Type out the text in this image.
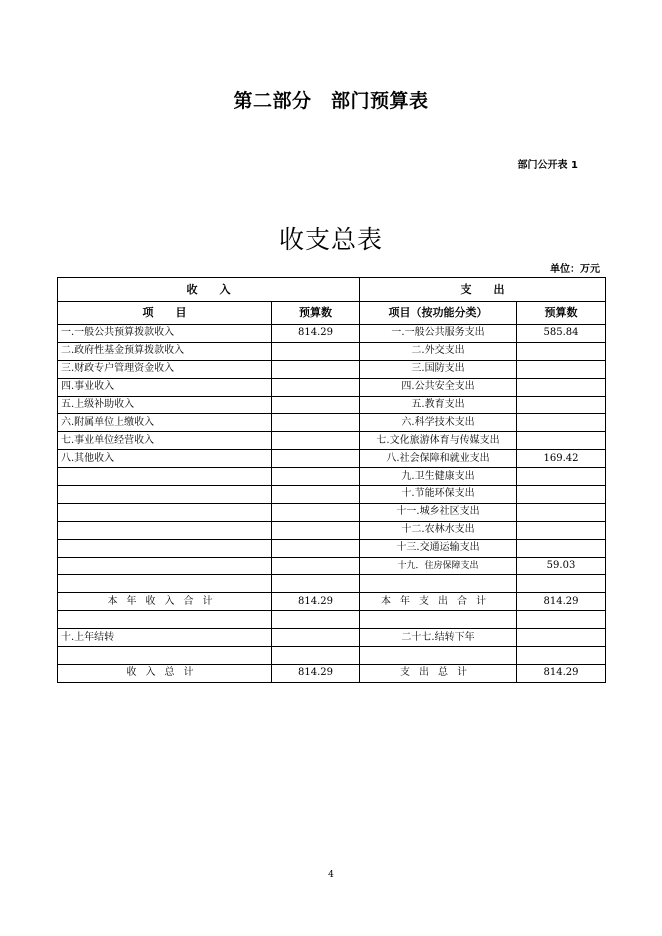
第二部分　部门预算表
部门公开表 1
收支总表
单位：万元
收　　入		支　　出	
项　　目	预算数	项目（按功能分类）	预算数
一.一般公共预算拨款收入	814.29	一.一般公共服务支出	585.84
二.政府性基金预算拨款收入		二.外交支出	
三.财政专户管理资金收入		三.国防支出	
四.事业收入		四.公共安全支出	
五.上级补助收入		五.教育支出	
六.附属单位上缴收入		六.科学技术支出	
七.事业单位经营收入		七.文化旅游体育与传媒支出	
八.其他收入		八.社会保障和就业支出	169.42
		九.卫生健康支出	
		十.节能环保支出	
		十一.城乡社区支出	
		十二.农林水支出	
		十三.交通运输支出	
		十九．住房保障支出	59.03

本年收入合计	814.29	本年支出合计	814.29

十.上年结转		二十七.结转下年	

收入总计	814.29	支出总计	814.29
4
